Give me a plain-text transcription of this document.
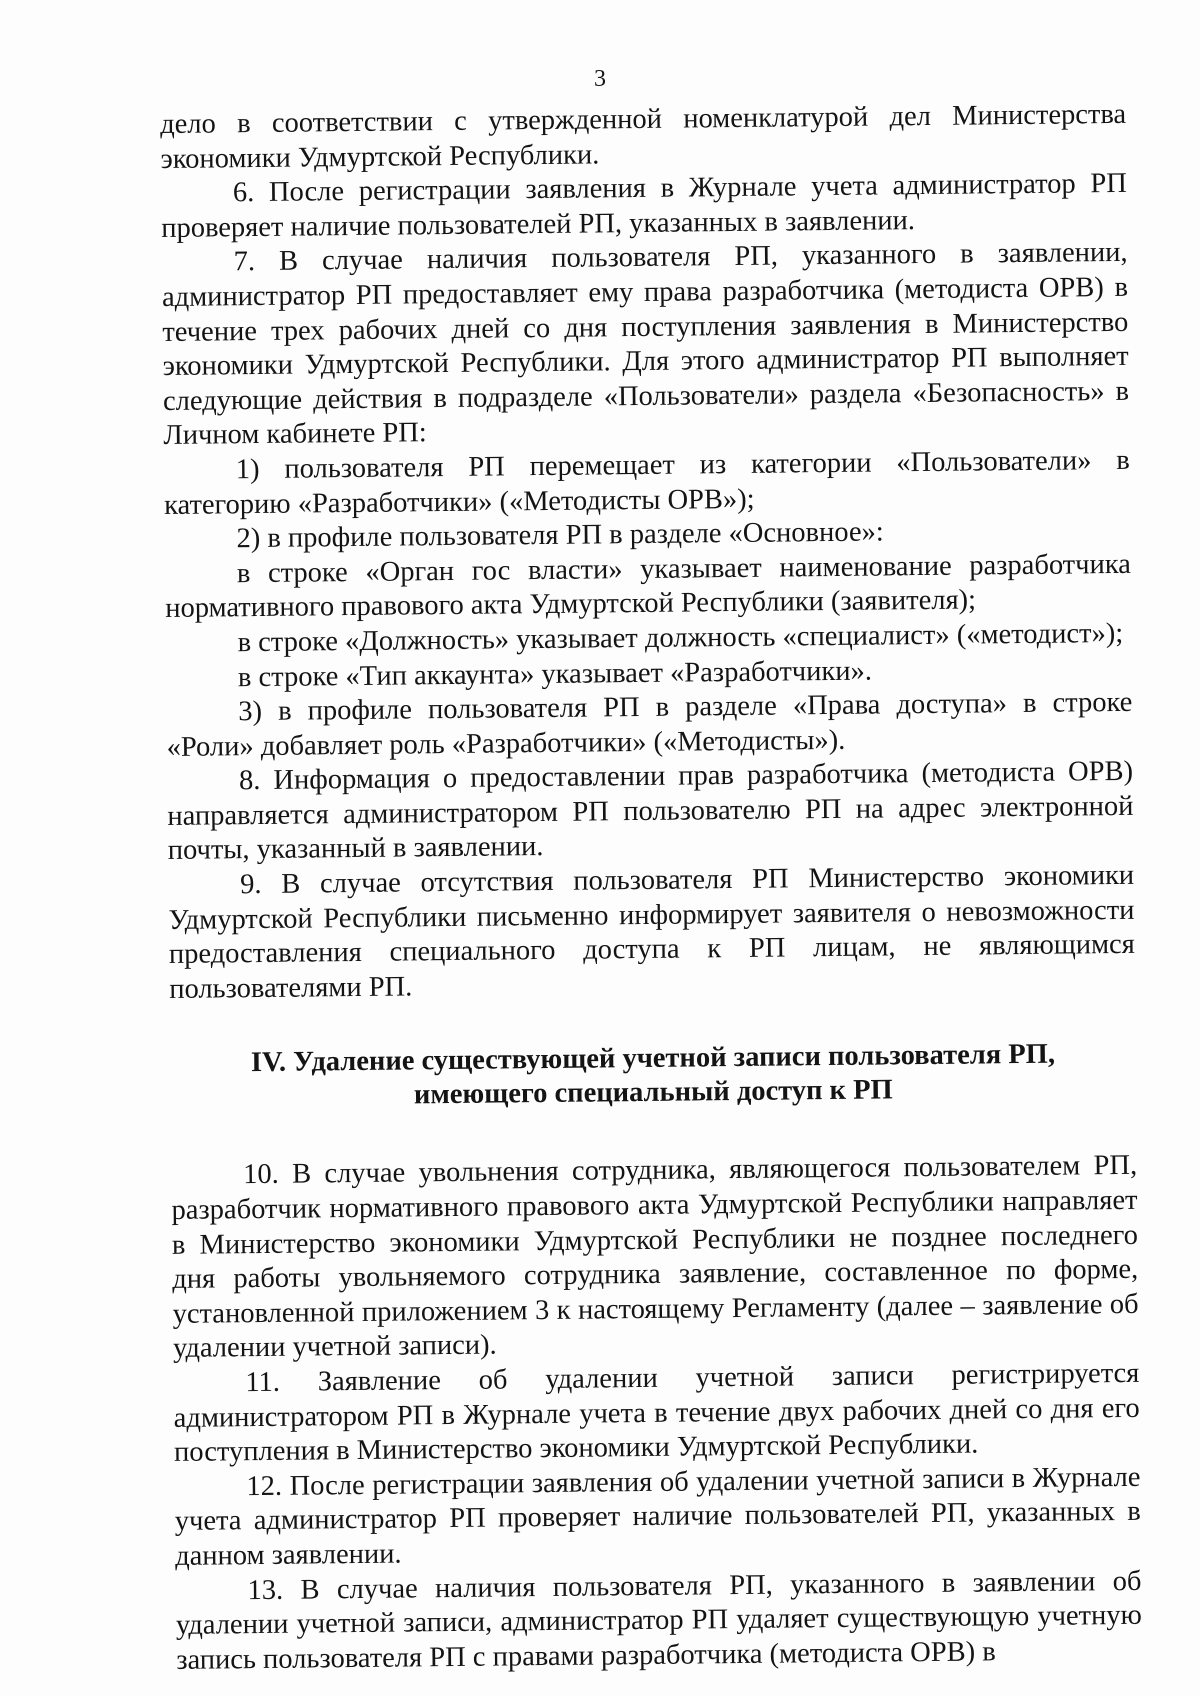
3

дело в соответствии с утвержденной номенклатурой дел Министерства экономики Удмуртской Республики.

6. После регистрации заявления в Журнале учета администратор РП проверяет наличие пользователей РП, указанных в заявлении.

7. В случае наличия пользователя РП, указанного в заявлении, администратор РП предоставляет ему права разработчика (методиста ОРВ) в течение трех рабочих дней со дня поступления заявления в Министерство экономики Удмуртской Республики. Для этого администратор РП выполняет следующие действия в подразделе «Пользователи» раздела «Безопасность» в Личном кабинете РП:

1) пользователя РП перемещает из категории «Пользователи» в категорию «Разработчики» («Методисты ОРВ»);

2) в профиле пользователя РП в разделе «Основное»:

в строке «Орган гос власти» указывает наименование разработчика нормативного правового акта Удмуртской Республики (заявителя);

в строке «Должность» указывает должность «специалист» («методист»);

в строке «Тип аккаунта» указывает «Разработчики».

3) в профиле пользователя РП в разделе «Права доступа» в строке «Роли» добавляет роль «Разработчики» («Методисты»).

8. Информация о предоставлении прав разработчика (методиста ОРВ) направляется администратором РП пользователю РП на адрес электронной почты, указанный в заявлении.

9. В случае отсутствия пользователя РП Министерство экономики Удмуртской Республики письменно информирует заявителя о невозможности предоставления специального доступа к РП лицам, не являющимся пользователями РП.

IV. Удаление существующей учетной записи пользователя РП,
имеющего специальный доступ к РП

10. В случае увольнения сотрудника, являющегося пользователем РП, разработчик нормативного правового акта Удмуртской Республики направляет в Министерство экономики Удмуртской Республики не позднее последнего дня работы увольняемого сотрудника заявление, составленное по форме, установленной приложением 3 к настоящему Регламенту (далее – заявление об удалении учетной записи).

11. Заявление об удалении учетной записи регистрируется администратором РП в Журнале учета в течение двух рабочих дней со дня его поступления в Министерство экономики Удмуртской Республики.

12. После регистрации заявления об удалении учетной записи в Журнале учета администратор РП проверяет наличие пользователей РП, указанных в данном заявлении.

13. В случае наличия пользователя РП, указанного в заявлении об удалении учетной записи, администратор РП удаляет существующую учетную запись пользователя РП с правами разработчика (методиста ОРВ) в
